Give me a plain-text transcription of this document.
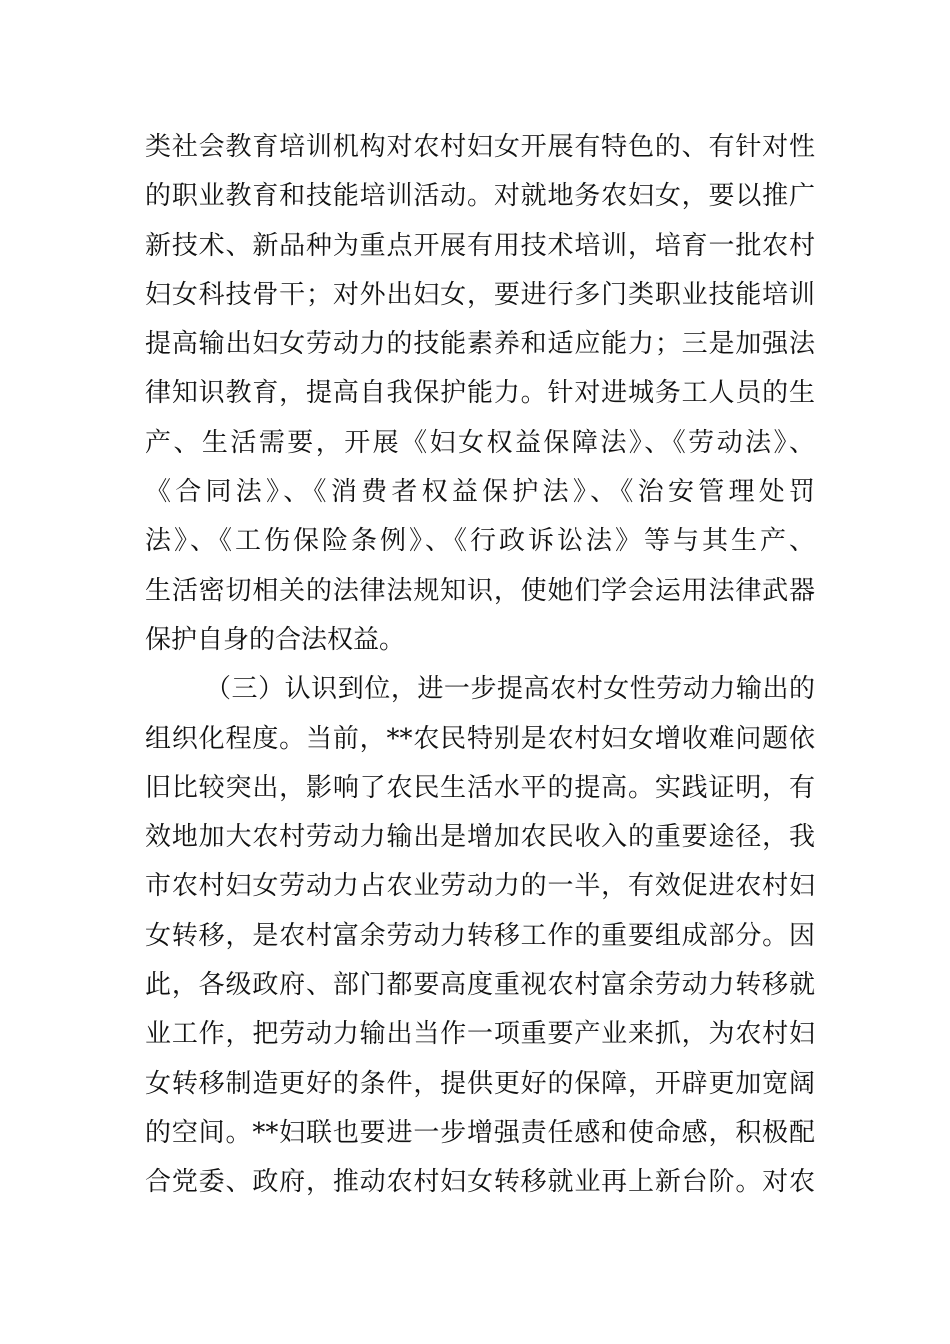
类社会教育培训机构对农村妇女开展有特色的、有针对性
的职业教育和技能培训活动。对就地务农妇女，要以推广
新技术、新品种为重点开展有用技术培训，培育一批农村
妇女科技骨干；对外出妇女，要进行多门类职业技能培训
提高输出妇女劳动力的技能素养和适应能力；三是加强法
律知识教育，提高自我保护能力。针对进城务工人员的生
产、生活需要，开展《妇女权益保障法》、《劳动法》、
《合同法》、《消费者权益保护法》、《治安管理处罚
法》、《工伤保险条例》、《行政诉讼法》等与其生产、
生活密切相关的法律法规知识，使她们学会运用法律武器
保护自身的合法权益。
（三）认识到位，进一步提高农村女性劳动力输出的
组织化程度。当前，**农民特别是农村妇女增收难问题依
旧比较突出，影响了农民生活水平的提高。实践证明，有
效地加大农村劳动力输出是增加农民收入的重要途径，我
市农村妇女劳动力占农业劳动力的一半，有效促进农村妇
女转移，是农村富余劳动力转移工作的重要组成部分。因
此，各级政府、部门都要高度重视农村富余劳动力转移就
业工作，把劳动力输出当作一项重要产业来抓，为农村妇
女转移制造更好的条件，提供更好的保障，开辟更加宽阔
的空间。**妇联也要进一步增强责任感和使命感，积极配
合党委、政府，推动农村妇女转移就业再上新台阶。对农
